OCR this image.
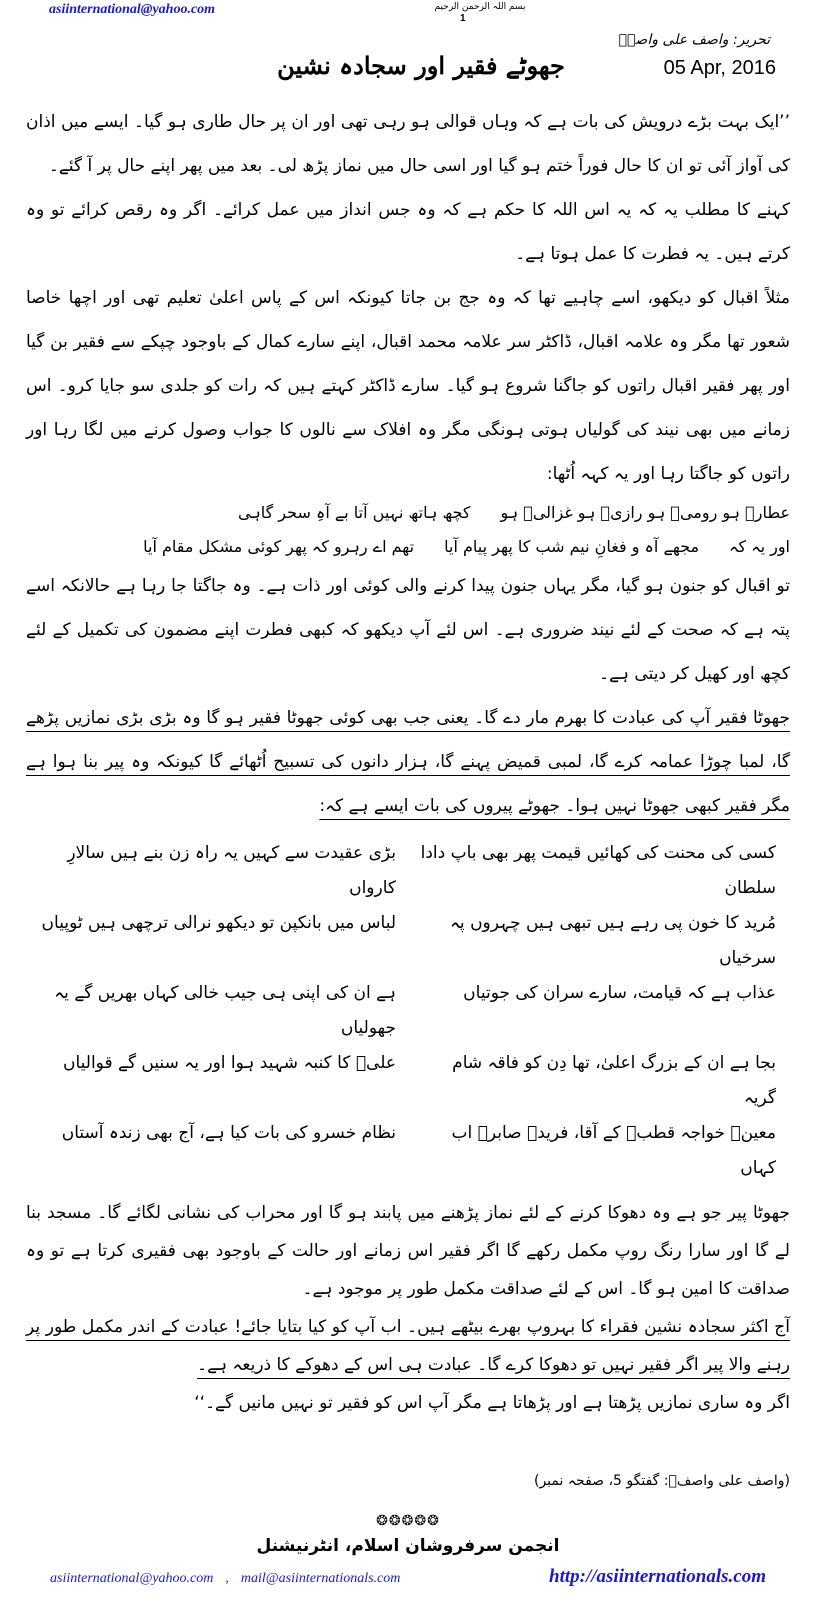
asiinternational@yahoo.com	بسم اللہ الرحمن الرحیم
1
تحریر: واصف علی واصفؒ
05 Apr, 2016
جھوٹے فقیر اور سجادہ نشین

’’ایک بہت بڑے درویش کی بات ہے کہ وہاں قوالی ہو رہی تھی اور ان پر حال طاری ہو گیا۔ ایسے میں اذان کی آواز آئی تو ان کا حال فوراً ختم ہو گیا اور اسی حال میں نماز پڑھ لی۔ بعد میں پھر اپنے حال پر آ گئے۔

کہنے کا مطلب یہ کہ یہ اس اللہ کا حکم ہے کہ وہ جس انداز میں عمل کرائے۔ اگر وہ رقص کرائے تو وہ کرتے ہیں۔ یہ فطرت کا عمل ہوتا ہے۔

مثلاً اقبال کو دیکھو، اسے چاہیے تھا کہ وہ جج بن جاتا کیونکہ اس کے پاس اعلیٰ تعلیم تھی اور اچھا خاصا شعور تھا مگر وہ علامہ اقبال، ڈاکٹر سر علامہ محمد اقبال، اپنے سارے کمال کے باوجود چپکے سے فقیر بن گیا اور پھر فقیر اقبال راتوں کو جاگنا شروع ہو گیا۔ سارے ڈاکٹر کہتے ہیں کہ رات کو جلدی سو جایا کرو۔ اس زمانے میں بھی نیند کی گولیاں ہوتی ہونگی مگر وہ افلاک سے نالوں کا جواب وصول کرنے میں لگا رہا اور راتوں کو جاگتا رہا اور یہ کہہ اُٹھا:

عطارؒ ہو رومیؒ ہو رازیؒ ہو غزالیؒ ہو
کچھ ہاتھ نہیں آتا بے آہِ سحر گاہی
اور یہ کہ
مجھے آہ و فغانِ نیم شب کا پھر پیام آیا
تھم اے رہرو کہ پھر کوئی مشکل مقام آیا

تو اقبال کو جنون ہو گیا، مگر یہاں جنون پیدا کرنے والی کوئی اور ذات ہے۔ وہ جاگتا جا رہا ہے حالانکہ اسے پتہ ہے کہ صحت کے لئے نیند ضروری ہے۔ اس لئے آپ دیکھو کہ کبھی فطرت اپنے مضمون کی تکمیل کے لئے کچھ اور کھیل کر دیتی ہے۔

جھوٹا فقیر آپ کی عبادت کا بھرم مار دے گا۔ یعنی جب بھی کوئی جھوٹا فقیر ہو گا وہ بڑی بڑی نمازیں پڑھے گا، لمبا چوڑا عمامہ کرے گا، لمبی قمیض پہنے گا، ہزار دانوں کی تسبیح اُٹھائے گا کیونکہ وہ پیر بنا ہوا ہے مگر فقیر کبھی جھوٹا نہیں ہوا۔ جھوٹے پیروں کی بات ایسے ہے کہ:

کسی کی محنت کی کھائیں قیمت پھر بھی باپ دادا سلطان
بڑی عقیدت سے کہیں یہ راہ زن بنے ہیں سالارِ کارواں
مُرید کا خون پی رہے ہیں تبھی ہیں چہروں پہ سرخیاں
لباس میں بانکپن تو دیکھو نرالی ترچھی ہیں ٹوپیاں
عذاب ہے کہ قیامت، سارے سران کی جوتیاں
ہے ان کی اپنی ہی جیب خالی کہاں بھریں گے یہ جھولیاں
بجا ہے ان کے بزرگ اعلیٰ، تھا دِن کو فاقہ شام گریہ
علیؑ کا کنبہ شہید ہوا اور یہ سنیں گے قوالیاں
معینؒ خواجہ قطبؒ کے آقا، فریدؒ صابرؒ اب کہاں
نظام خسرو کی بات کیا ہے، آج بھی زندہ آستاں

جھوٹا پیر جو ہے وہ دھوکا کرنے کے لئے نماز پڑھنے میں پابند ہو گا اور محراب کی نشانی لگائے گا۔ مسجد بنا لے گا اور سارا رنگ روپ مکمل رکھے گا اگر فقیر اس زمانے اور حالت کے باوجود بھی فقیری کرتا ہے تو وہ صداقت کا امین ہو گا۔ اس کے لئے صداقت مکمل طور پر موجود ہے۔

آج اکثر سجادہ نشین فقراء کا بہروپ بھرے بیٹھے ہیں۔ اب آپ کو کیا بتایا جائے! عبادت کے اندر مکمل طور پر رہنے والا پیر اگر فقیر نہیں تو دھوکا کرے گا۔ عبادت ہی اس کے دھوکے کا ذریعہ ہے۔

اگر وہ ساری نمازیں پڑھتا ہے اور پڑھاتا ہے مگر آپ اس کو فقیر تو نہیں مانیں گے۔‘‘
(واصف علی واصفؒ: گفتگو 5، صفحہ نمبر)
❂❂❂❂❂
انجمن سرفروشان اسلام، انٹرنیشنل
asiinternational@yahoo.com , mail@asiinternationals.com	http://asiinternationals.com
